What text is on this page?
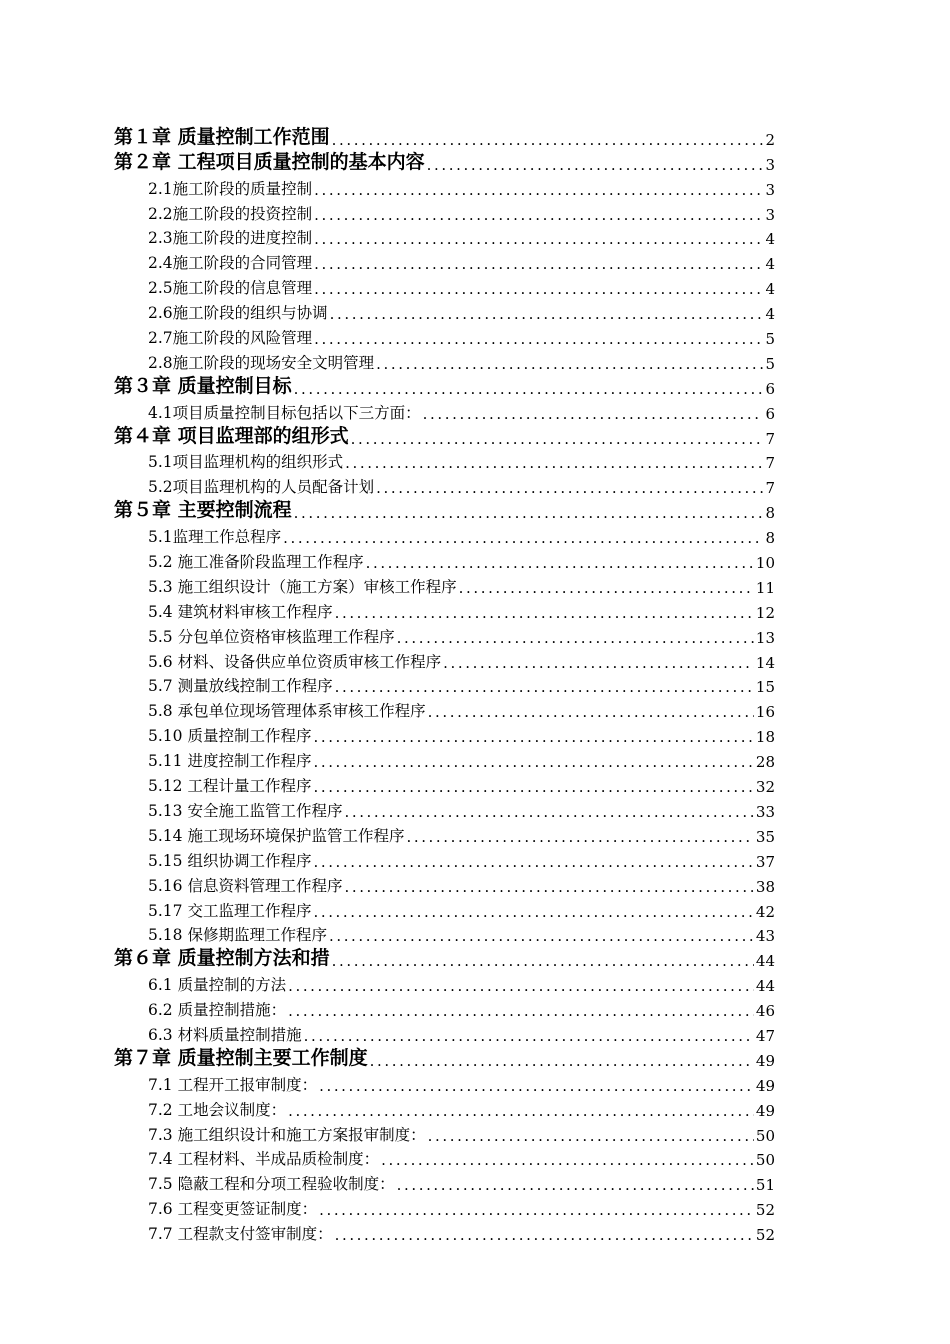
第１章 质量控制工作范围 .....	2
第２章 工程项目质量控制的基本内容 .....	3
2.1施工阶段的质量控制 .....	3
2.2施工阶段的投资控制 .....	3
2.3施工阶段的进度控制 .....	4
2.4施工阶段的合同管理 .....	4
2.5施工阶段的信息管理 .....	4
2.6施工阶段的组织与协调 .....	4
2.7施工阶段的风险管理 .....	5
2.8施工阶段的现场安全文明管理 .....	5
第３章 质量控制目标 .....	6
4.1项目质量控制目标包括以下三方面： .....	6
第４章 项目监理部的组形式 .....	7
5.1项目监理机构的组织形式 .....	7
5.2项目监理机构的人员配备计划 .....	7
第５章 主要控制流程 .....	8
5.1监理工作总程序 .....	8
5.2 施工准备阶段监理工作程序 .....	10
5.3 施工组织设计（施工方案）审核工作程序 .....	11
5.4 建筑材料审核工作程序 .....	12
5.5 分包单位资格审核监理工作程序 .....	13
5.6 材料、设备供应单位资质审核工作程序 .....	14
5.7 测量放线控制工作程序 .....	15
5.8 承包单位现场管理体系审核工作程序 .....	16
5.10 质量控制工作程序 .....	18
5.11 进度控制工作程序 .....	28
5.12 工程计量工作程序 .....	32
5.13 安全施工监管工作程序 .....	33
5.14 施工现场环境保护监管工作程序 .....	35
5.15 组织协调工作程序 .....	37
5.16 信息资料管理工作程序 .....	38
5.17 交工监理工作程序 .....	42
5.18 保修期监理工作程序 .....	43
第６章 质量控制方法和措 .....	44
6.1 质量控制的方法 .....	44
6.2 质量控制措施： .....	46
6.3 材料质量控制措施 .....	47
第７章 质量控制主要工作制度 .....	49
7.1 工程开工报审制度： .....	49
7.2 工地会议制度： .....	49
7.3 施工组织设计和施工方案报审制度： .....	50
7.4 工程材料、半成品质检制度： .....	50
7.5 隐蔽工程和分项工程验收制度： .....	51
7.6 工程变更签证制度： .....	52
7.7 工程款支付签审制度： .....	52
